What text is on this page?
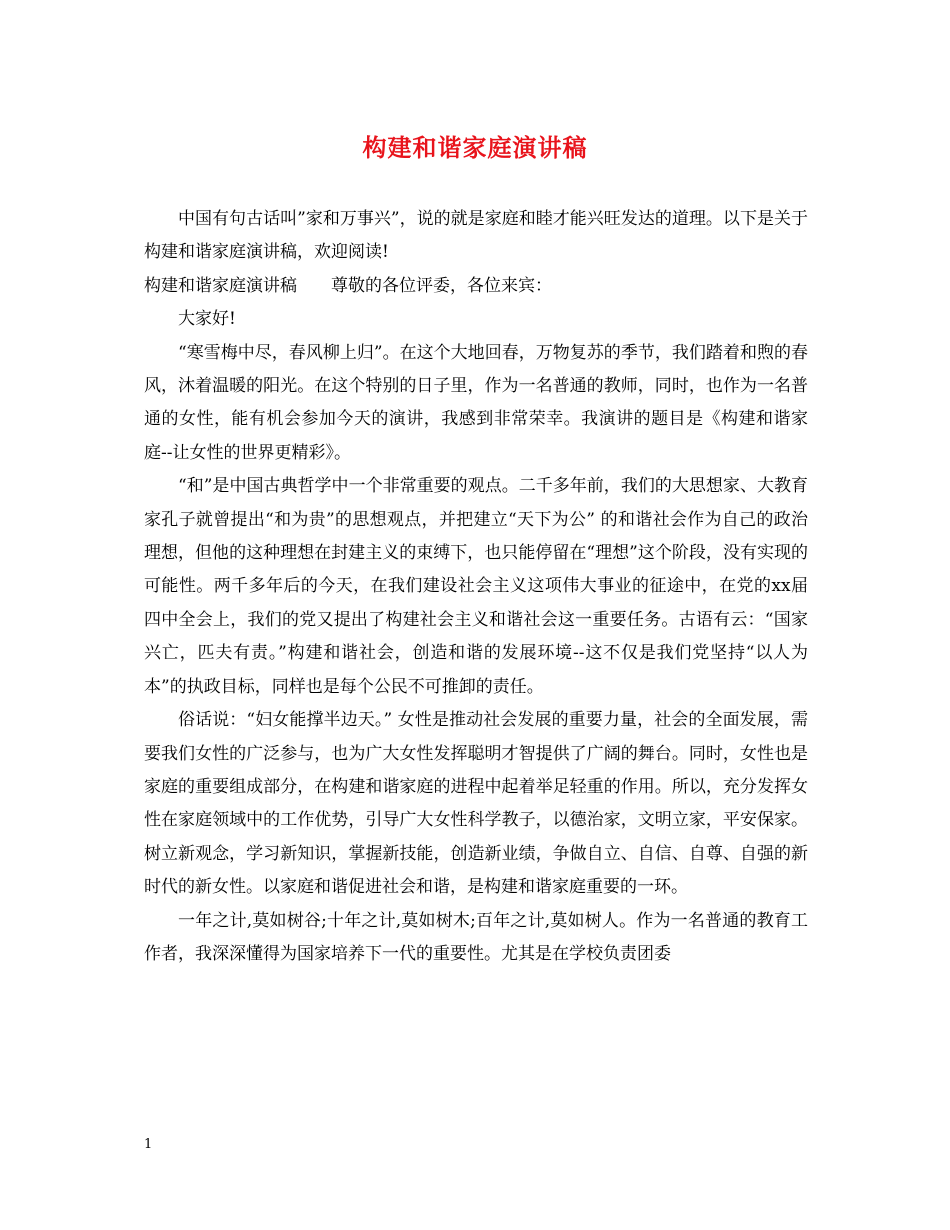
构建和谐家庭演讲稿

中国有句古话叫”家和万事兴”，说的就是家庭和睦才能兴旺发达的道理。以下是关于构建和谐家庭演讲稿，欢迎阅读!

构建和谐家庭演讲稿　　尊敬的各位评委，各位来宾：

大家好!

“寒雪梅中尽，春风柳上归”。在这个大地回春，万物复苏的季节，我们踏着和煦的春风，沐着温暖的阳光。在这个特别的日子里，作为一名普通的教师，同时，也作为一名普通的女性，能有机会参加今天的演讲，我感到非常荣幸。我演讲的题目是《构建和谐家庭--让女性的世界更精彩》。

“和”是中国古典哲学中一个非常重要的观点。二千多年前，我们的大思想家、大教育家孔子就曾提出“和为贵”的思想观点，并把建立“天下为公” 的和谐社会作为自己的政治理想，但他的这种理想在封建主义的束缚下，也只能停留在“理想”这个阶段，没有实现的可能性。两千多年后的今天，在我们建设社会主义这项伟大事业的征途中，在党的xx届四中全会上，我们的党又提出了构建社会主义和谐社会这一重要任务。古语有云：“国家兴亡，匹夫有责。”构建和谐社会，创造和谐的发展环境--这不仅是我们党坚持“以人为本”的执政目标，同样也是每个公民不可推卸的责任。

俗话说：“妇女能撑半边天。” 女性是推动社会发展的重要力量，社会的全面发展，需要我们女性的广泛参与，也为广大女性发挥聪明才智提供了广阔的舞台。同时，女性也是家庭的重要组成部分，在构建和谐家庭的进程中起着举足轻重的作用。所以，充分发挥女性在家庭领域中的工作优势，引导广大女性科学教子，以德治家，文明立家，平安保家。树立新观念，学习新知识，掌握新技能，创造新业绩，争做自立、自信、自尊、自强的新时代的新女性。以家庭和谐促进社会和谐，是构建和谐家庭重要的一环。

一年之计,莫如树谷;十年之计,莫如树木;百年之计,莫如树人。作为一名普通的教育工作者，我深深懂得为国家培养下一代的重要性。尤其是在学校负责团委

1
